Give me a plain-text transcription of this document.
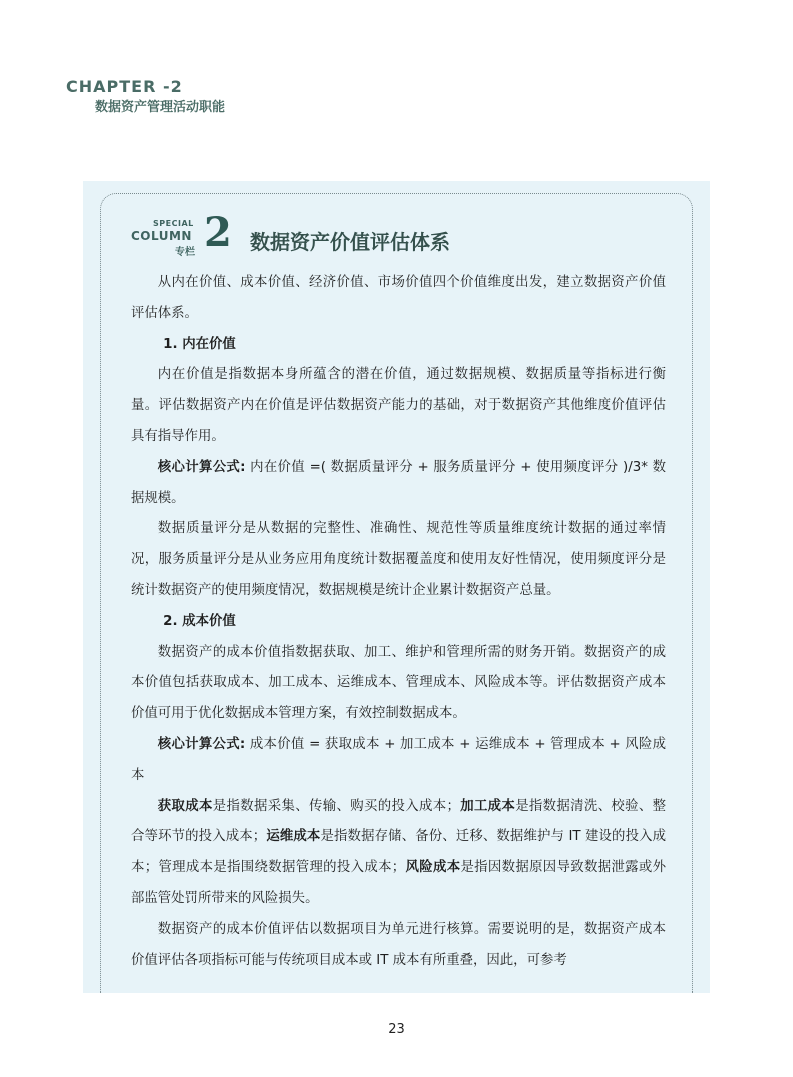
CHAPTER -2
数据资产管理活动职能
SPECIAL
COLUMN
专栏 2 数据资产价值评估体系

从内在价值、成本价值、经济价值、市场价值四个价值维度出发，建立数据资产价值评估体系。

1. 内在价值

内在价值是指数据本身所蕴含的潜在价值，通过数据规模、数据质量等指标进行衡量。评估数据资产内在价值是评估数据资产能力的基础，对于数据资产其他维度价值评估具有指导作用。

核心计算公式: 内在价值 =( 数据质量评分 + 服务质量评分 + 使用频度评分 )/3* 数据规模。

数据质量评分是从数据的完整性、准确性、规范性等质量维度统计数据的通过率情况，服务质量评分是从业务应用角度统计数据覆盖度和使用友好性情况，使用频度评分是统计数据资产的使用频度情况，数据规模是统计企业累计数据资产总量。

2. 成本价值

数据资产的成本价值指数据获取、加工、维护和管理所需的财务开销。数据资产的成本价值包括获取成本、加工成本、运维成本、管理成本、风险成本等。评估数据资产成本价值可用于优化数据成本管理方案，有效控制数据成本。

核心计算公式: 成本价值 = 获取成本 + 加工成本 + 运维成本 + 管理成本 + 风险成本

获取成本是指数据采集、传输、购买的投入成本；加工成本是指数据清洗、校验、整合等环节的投入成本；运维成本是指数据存储、备份、迁移、数据维护与 IT 建设的投入成本；管理成本是指围绕数据管理的投入成本；风险成本是指因数据原因导致数据泄露或外部监管处罚所带来的风险损失。

数据资产的成本价值评估以数据项目为单元进行核算。需要说明的是，数据资产成本价值评估各项指标可能与传统项目成本或 IT 成本有所重叠，因此，可参考

23
